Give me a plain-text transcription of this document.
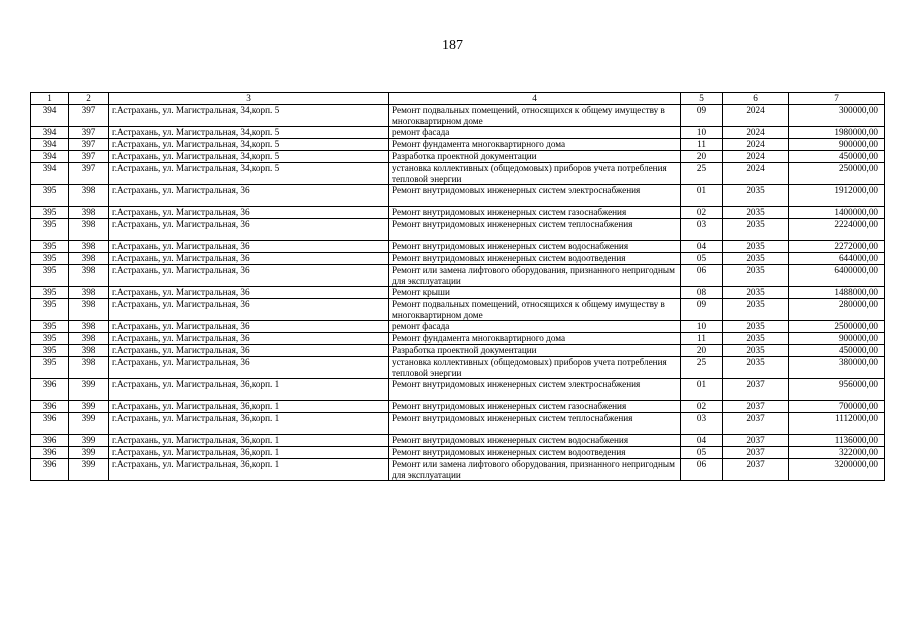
187
1	2	3	4	5	6	7
394	397	г.Астрахань, ул. Магистральная, 34,корп. 5	Ремонт подвальных помещений, относящихся к общему имуществу в многоквартирном доме	09	2024	300000,00
394	397	г.Астрахань, ул. Магистральная, 34,корп. 5	ремонт фасада	10	2024	1980000,00
394	397	г.Астрахань, ул. Магистральная, 34,корп. 5	Ремонт фундамента многоквартирного дома	11	2024	900000,00
394	397	г.Астрахань, ул. Магистральная, 34,корп. 5	Разработка проектной документации	20	2024	450000,00
394	397	г.Астрахань, ул. Магистральная, 34,корп. 5	установка коллективных (общедомовых) приборов учета потребления тепловой энергии	25	2024	250000,00
395	398	г.Астрахань, ул. Магистральная, 36	Ремонт внутридомовых инженерных систем электроснабжения	01	2035	1912000,00
395	398	г.Астрахань, ул. Магистральная, 36	Ремонт внутридомовых инженерных систем газоснабжения	02	2035	1400000,00
395	398	г.Астрахань, ул. Магистральная, 36	Ремонт внутридомовых инженерных систем теплоснабжения	03	2035	2224000,00
395	398	г.Астрахань, ул. Магистральная, 36	Ремонт внутридомовых инженерных систем водоснабжения	04	2035	2272000,00
395	398	г.Астрахань, ул. Магистральная, 36	Ремонт внутридомовых инженерных систем водоотведения	05	2035	644000,00
395	398	г.Астрахань, ул. Магистральная, 36	Ремонт или замена лифтового оборудования, признанного непригодным для эксплуатации	06	2035	6400000,00
395	398	г.Астрахань, ул. Магистральная, 36	Ремонт крыши	08	2035	1488000,00
395	398	г.Астрахань, ул. Магистральная, 36	Ремонт подвальных помещений, относящихся к общему имуществу в многоквартирном доме	09	2035	280000,00
395	398	г.Астрахань, ул. Магистральная, 36	ремонт фасада	10	2035	2500000,00
395	398	г.Астрахань, ул. Магистральная, 36	Ремонт фундамента многоквартирного дома	11	2035	900000,00
395	398	г.Астрахань, ул. Магистральная, 36	Разработка проектной документации	20	2035	450000,00
395	398	г.Астрахань, ул. Магистральная, 36	установка коллективных (общедомовых) приборов учета потребления тепловой энергии	25	2035	380000,00
396	399	г.Астрахань, ул. Магистральная, 36,корп. 1	Ремонт внутридомовых инженерных систем электроснабжения	01	2037	956000,00
396	399	г.Астрахань, ул. Магистральная, 36,корп. 1	Ремонт внутридомовых инженерных систем газоснабжения	02	2037	700000,00
396	399	г.Астрахань, ул. Магистральная, 36,корп. 1	Ремонт внутридомовых инженерных систем теплоснабжения	03	2037	1112000,00
396	399	г.Астрахань, ул. Магистральная, 36,корп. 1	Ремонт внутридомовых инженерных систем водоснабжения	04	2037	1136000,00
396	399	г.Астрахань, ул. Магистральная, 36,корп. 1	Ремонт внутридомовых инженерных систем водоотведения	05	2037	322000,00
396	399	г.Астрахань, ул. Магистральная, 36,корп. 1	Ремонт или замена лифтового оборудования, признанного непригодным для эксплуатации	06	2037	3200000,00
